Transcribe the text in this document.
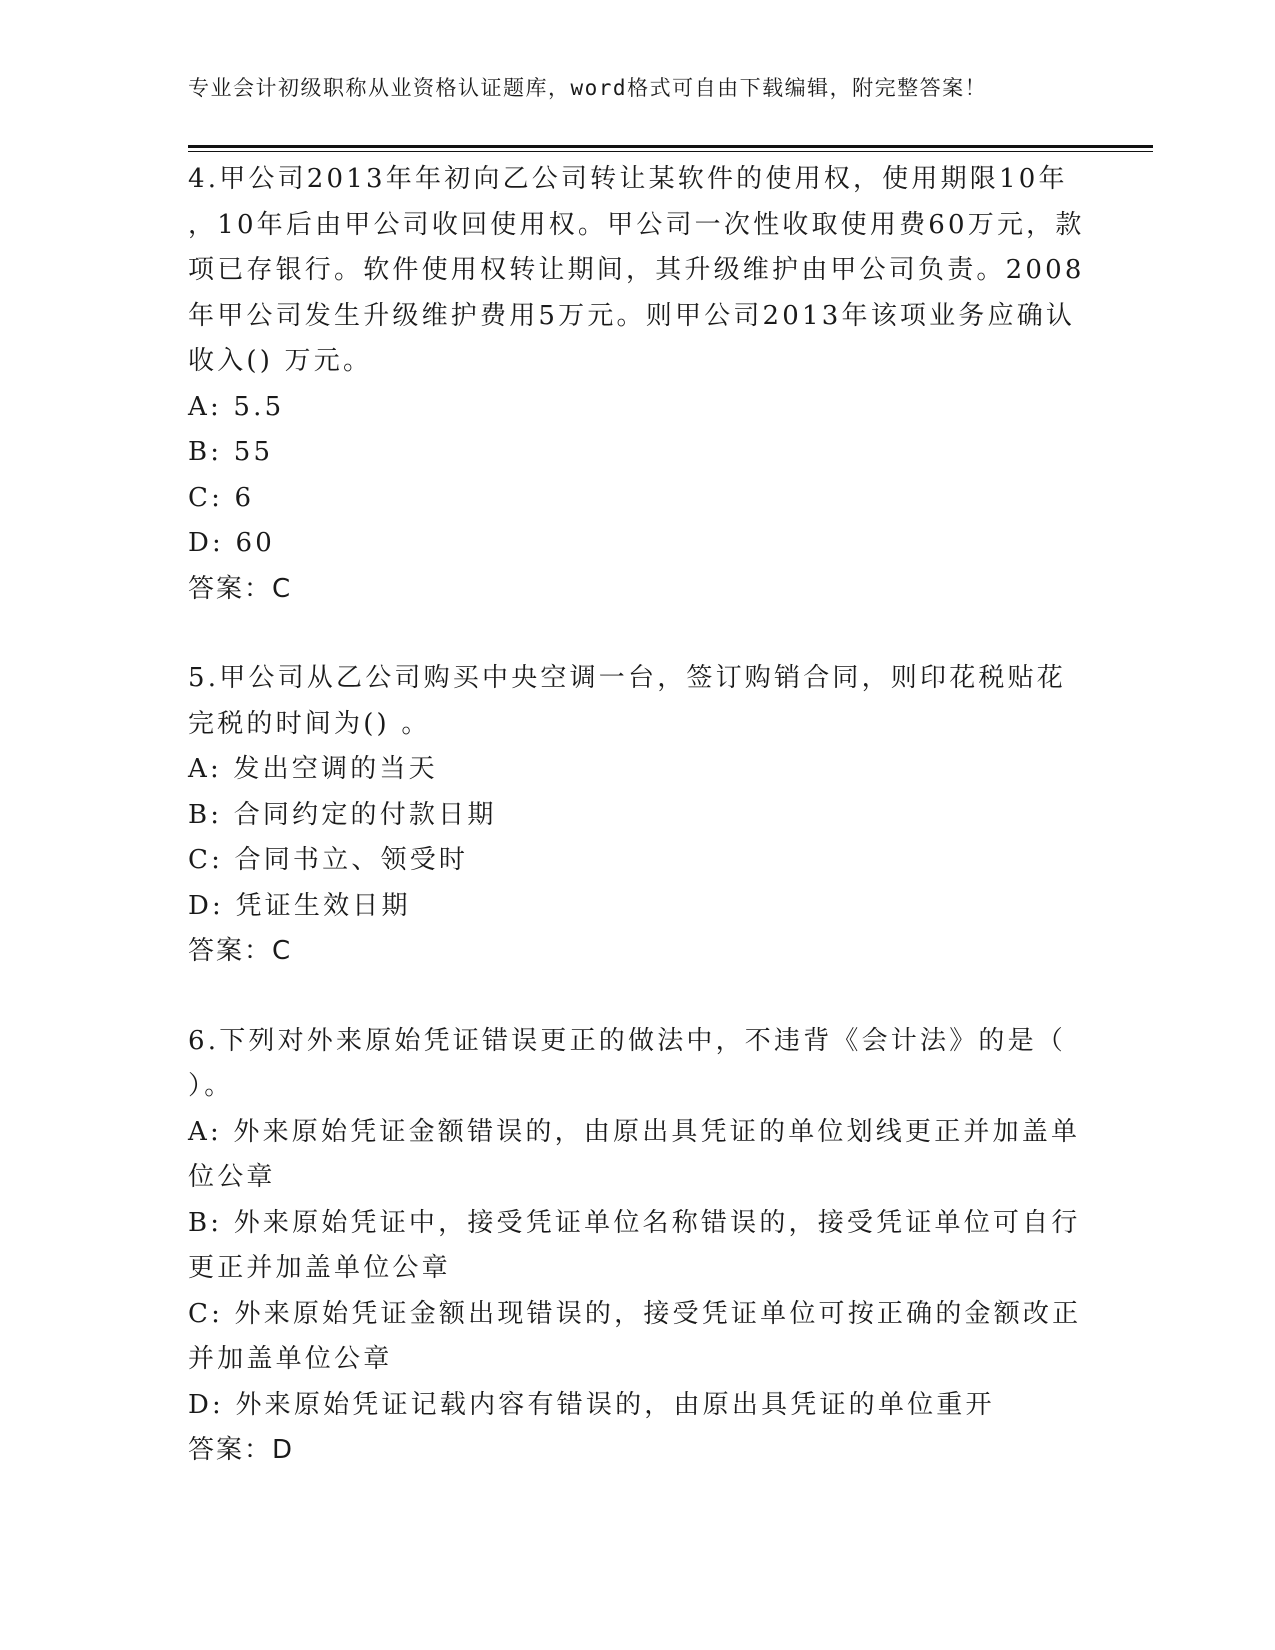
专业会计初级职称从业资格认证题库，word格式可自由下载编辑，附完整答案！

4.甲公司2013年年初向乙公司转让某软件的使用权，使用期限10年
，10年后由甲公司收回使用权。甲公司一次性收取使用费60万元，款
项已存银行。软件使用权转让期间，其升级维护由甲公司负责。2008
年甲公司发生升级维护费用5万元。则甲公司2013年该项业务应确认
收入() 万元。

A: 5.5

B: 55

C: 6

D: 60

答案：C

5.甲公司从乙公司购买中央空调一台，签订购销合同，则印花税贴花
完税的时间为() 。

A: 发出空调的当天

B: 合同约定的付款日期

C: 合同书立、领受时

D: 凭证生效日期

答案：C

6.下列对外来原始凭证错误更正的做法中，不违背《会计法》的是（
）。

A: 外来原始凭证金额错误的，由原出具凭证的单位划线更正并加盖单
位公章

B: 外来原始凭证中，接受凭证单位名称错误的，接受凭证单位可自行
更正并加盖单位公章

C: 外来原始凭证金额出现错误的，接受凭证单位可按正确的金额改正
并加盖单位公章

D: 外来原始凭证记载内容有错误的，由原出具凭证的单位重开

答案：D
